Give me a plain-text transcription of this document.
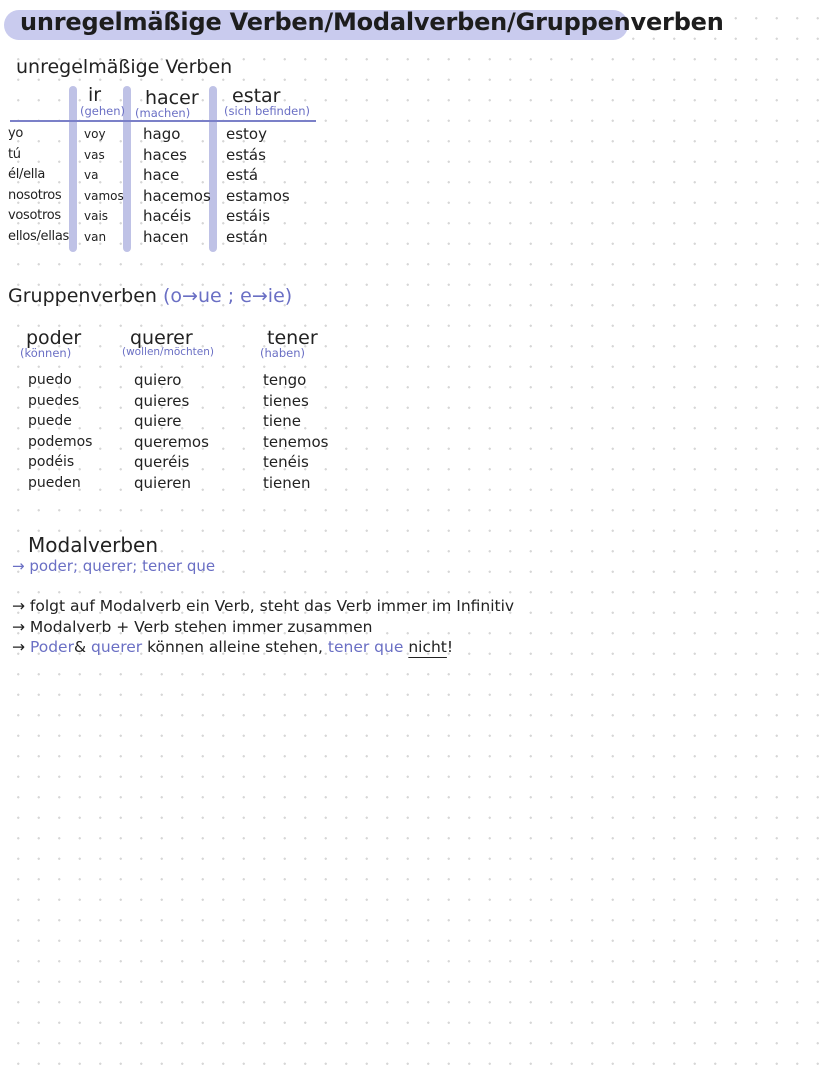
unregelmäßige Verben/Modalverben/Gruppenverben
unregelmäßige Verben
ir
(gehen)
hacer
(machen)
estar
(sich befinden)
yo
tú
él/ella
nosotros
vosotros
ellos/ellas
voy
vas
va
vamos
vais
van
hago
haces
hace
hacemos
hacéis
hacen
estoy
estás
está
estamos
estáis
están
Gruppenverben (o→ue ; e→ie)
poder
(können)
querer
(wollen/möchten)
tener
(haben)
puedo
puedes
puede
podemos
podéis
pueden
quiero
quieres
quiere
queremos
queréis
quieren
tengo
tienes
tiene
tenemos
tenéis
tienen
Modalverben
→ poder; querer; tener que
→ folgt auf Modalverb ein Verb, steht das Verb immer im Infinitiv
→ Modalverb + Verb stehen immer zusammen
→ Poder& querer können alleine stehen, tener que nicht!
